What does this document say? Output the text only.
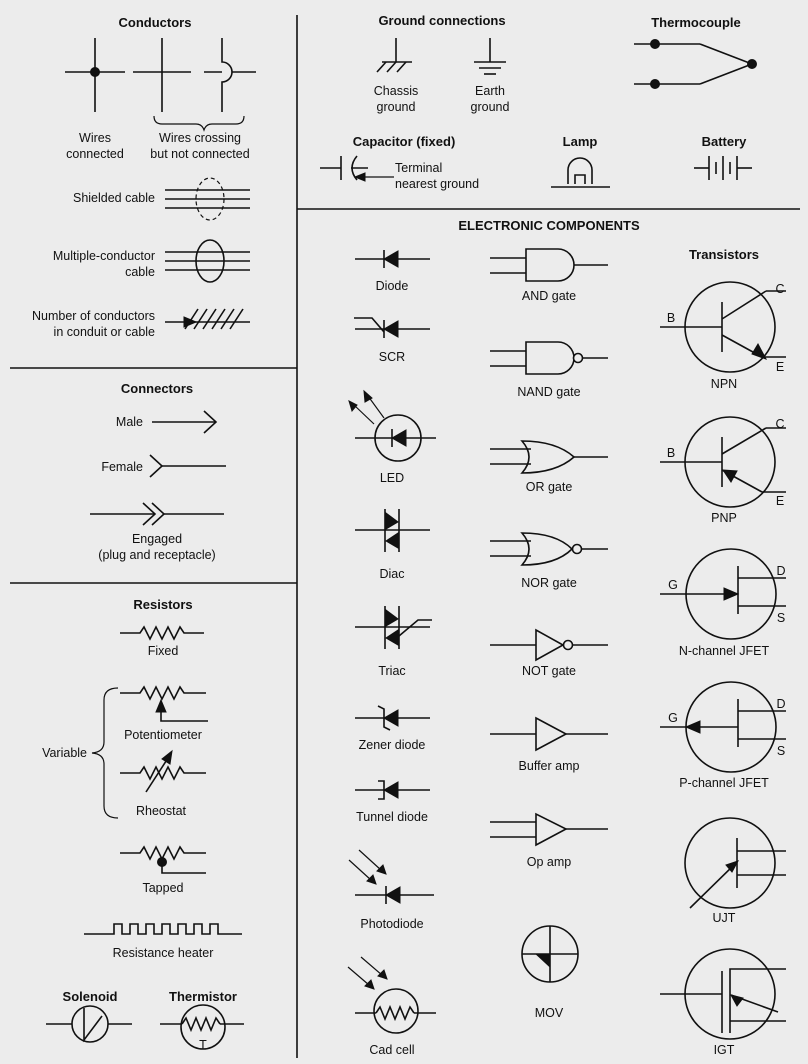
Conductors
Wires
connected
Wires crossing
but not connected
Shielded cable
Multiple-conductor
cable
Number of conductors
in conduit or cable
Connectors
Male
Female
Engaged
(plug and receptacle)
Resistors
Fixed
Variable
Potentiometer
Rheostat
Tapped
Resistance heater
Solenoid	Thermistor
T
Ground connections
Chassis
ground
Earth
ground
Thermocouple
Capacitor (fixed)
Terminal
nearest ground
Lamp	Battery
ELECTRONIC COMPONENTS
Diode
SCR
LED
Diac
Triac
Zener diode
Tunnel diode
Photodiode
Cad cell
AND gate
NAND gate
OR gate
NOR gate
NOT gate
Buffer amp
Op amp
MOV
Transistors
B
C
E
NPN
B
C
E
PNP
G
D
S
N-channel JFET
G
D
S
P-channel JFET
UJT
IGT
